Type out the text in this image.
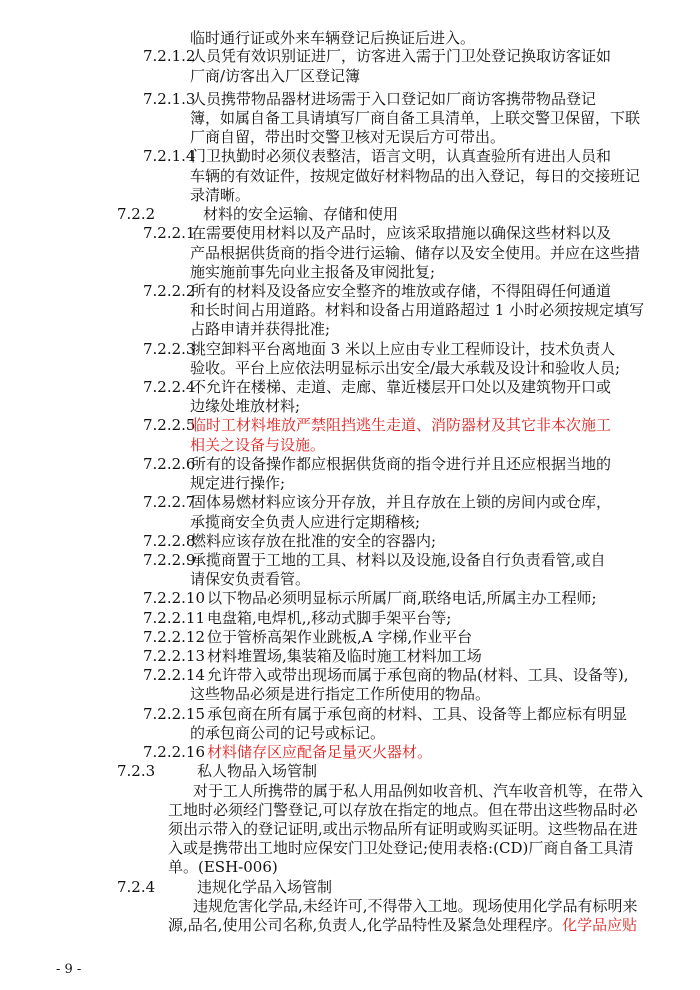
临时通行证或外来车辆登记后换证后进入。
7.2.1.2人员凭有效识别证进厂，访客进入需于门卫处登记换取访客证如
厂商/访客出入厂区登记簿
7.2.1.3人员携带物品器材进场需于入口登记如厂商访客携带物品登记
簿，如属自备工具请填写厂商自备工具清单，上联交警卫保留，下联
厂商自留，带出时交警卫核对无误后方可带出。
7.2.1.4门卫执勤时必须仪表整洁，语言文明，认真查验所有进出人员和
车辆的有效证件，按规定做好材料物品的出入登记，每日的交接班记
录清晰。
7.2.2	材料的安全运输、存储和使用
7.2.2.1在需要使用材料以及产品时，应该采取措施以确保这些材料以及
产品根据供货商的指令进行运输、储存以及安全使用。并应在这些措
施实施前事先向业主报备及审阅批复;
7.2.2.2所有的材料及设备应安全整齐的堆放或存储，不得阻碍任何通道
和长时间占用道路。材料和设备占用道路超过 1 小时必须按规定填写
占路申请并获得批准;
7.2.2.3挑空卸料平台离地面 3 米以上应由专业工程师设计，技术负责人
验收。平台上应依法明显标示出安全/最大承载及设计和验收人员;
7.2.2.4不允许在楼梯、走道、走廊、靠近楼层开口处以及建筑物开口或
边缘处堆放材料;
7.2.2.5临时工材料堆放严禁阻挡逃生走道、消防器材及其它非本次施工
相关之设备与设施。
7.2.2.6所有的设备操作都应根据供货商的指令进行并且还应根据当地的
规定进行操作;
7.2.2.7固体易燃材料应该分开存放，并且存放在上锁的房间内或仓库，
承揽商安全负责人应进行定期稽核;
7.2.2.8燃料应该存放在批准的安全的容器内;
7.2.2.9承揽商置于工地的工具、材料以及设施,设备自行负责看管,或自
请保安负责看管。
7.2.2.10 以下物品必须明显标示所属厂商,联络电话,所属主办工程师;
7.2.2.11 电盘箱,电焊机,,移动式脚手架平台等;
7.2.2.12 位于管桥高架作业跳板,A 字梯,作业平台
7.2.2.13 材料堆置场,集装箱及临时施工材料加工场
7.2.2.14 允许带入或带出现场而属于承包商的物品(材料、工具、设备等),
这些物品必须是进行指定工作所使用的物品。
7.2.2.15 承包商在所有属于承包商的材料、工具、设备等上都应标有明显
的承包商公司的记号或标记。
7.2.2.16 材料储存区应配备足量灭火器材。
7.2.3	私人物品入场管制
对于工人所携带的属于私人用品例如收音机、汽车收音机等，在带入
工地时必须经门警登记,可以存放在指定的地点。但在带出这些物品时必
须出示带入的登记证明,或出示物品所有证明或购买证明。这些物品在进
入或是携带出工地时应保安门卫处登记;使用表格:(CD)厂商自备工具清
单。(ESH-006)
7.2.4	违规化学品入场管制
违规危害化学品,未经许可,不得带入工地。现场使用化学品有标明来
源,品名,使用公司名称,负责人,化学品特性及紧急处理程序。化学品应贴
- 9 -
